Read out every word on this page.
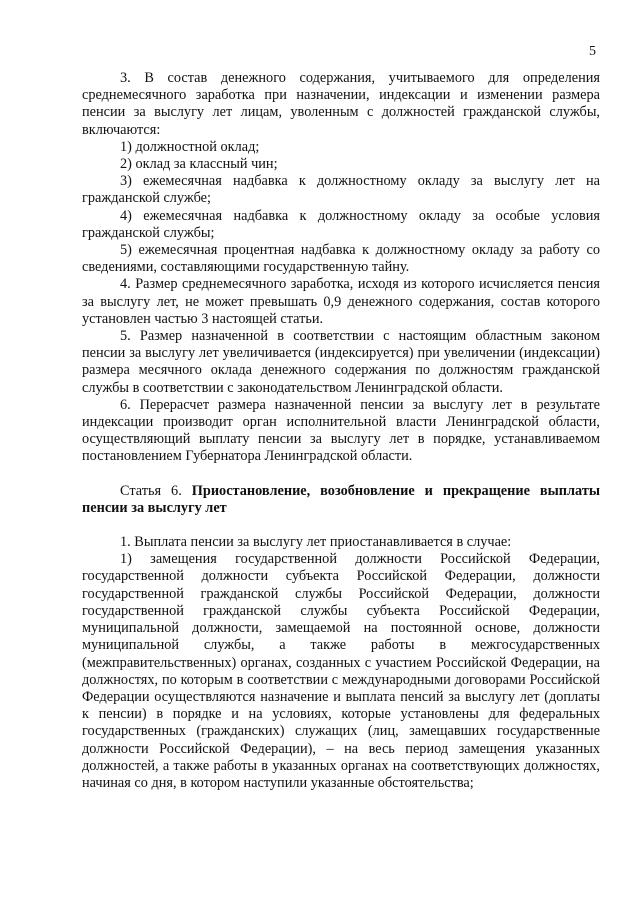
5

3. В состав денежного содержания, учитываемого для определения среднемесячного заработка при назначении, индексации и изменении размера пенсии за выслугу лет лицам, уволенным с должностей гражданской службы, включаются:

1) должностной оклад;

2) оклад за классный чин;

3) ежемесячная надбавка к должностному окладу за выслугу лет на гражданской службе;

4) ежемесячная надбавка к должностному окладу за особые условия гражданской службы;

5) ежемесячная процентная надбавка к должностному окладу за работу со сведениями, составляющими государственную тайну.

4. Размер среднемесячного заработка, исходя из которого исчисляется пенсия за выслугу лет, не может превышать 0,9 денежного содержания, состав которого установлен частью 3 настоящей статьи.

5. Размер назначенной в соответствии с настоящим областным законом пенсии за выслугу лет увеличивается (индексируется) при увеличении (индексации) размера месячного оклада денежного содержания по должностям гражданской службы в соответствии с законодательством Ленинградской области.

6. Перерасчет размера назначенной пенсии за выслугу лет в результате индексации производит орган исполнительной власти Ленинградской области, осуществляющий выплату пенсии за выслугу лет в порядке, устанавливаемом постановлением Губернатора Ленинградской области.

Статья 6. Приостановление, возобновление и прекращение выплаты пенсии за выслугу лет

1. Выплата пенсии за выслугу лет приостанавливается в случае:

1) замещения государственной должности Российской Федерации, государственной должности субъекта Российской Федерации, должности государственной гражданской службы Российской Федерации, должности государственной гражданской службы субъекта Российской Федерации, муниципальной должности, замещаемой на постоянной основе, должности муниципальной службы, а также работы в межгосударственных (межправительственных) органах, созданных с участием Российской Федерации, на должностях, по которым в соответствии с международными договорами Российской Федерации осуществляются назначение и выплата пенсий за выслугу лет (доплаты к пенсии) в порядке и на условиях, которые установлены для федеральных государственных (гражданских) служащих (лиц, замещавших государственные должности Российской Федерации), – на весь период замещения указанных должностей, а также работы в указанных органах на соответствующих должностях, начиная со дня, в котором наступили указанные обстоятельства;
